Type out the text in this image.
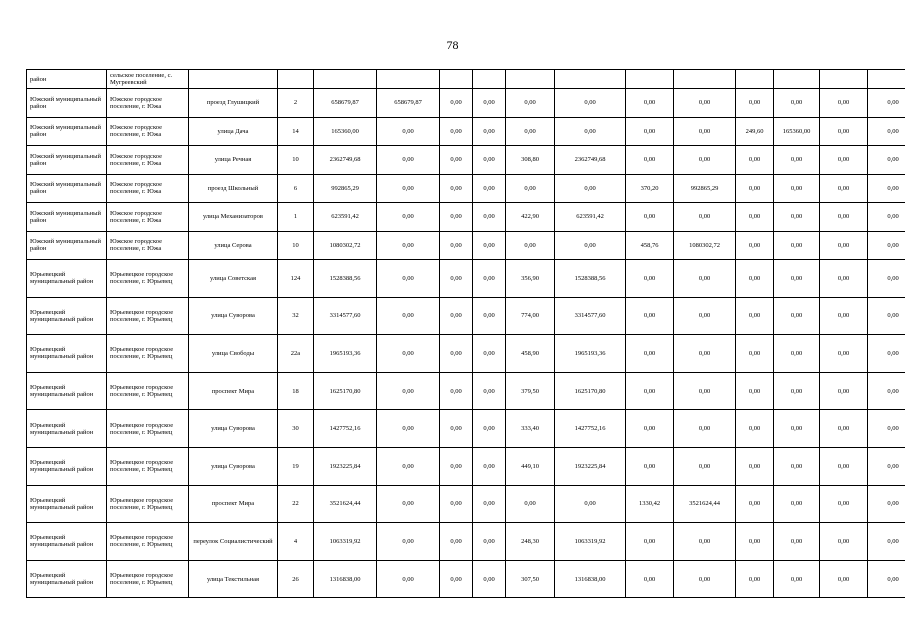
78
район	сельское поселение, с. Мугреевский														
Южский муниципальный район	Южское городское поселение, г. Южа	проезд Глушицкий	2	658679,87	658679,87	0,00	0,00	0,00	0,00	0,00	0,00	0,00	0,00	0,00	0,00
Южский муниципальный район	Южское городское поселение, г. Южа	улица Дача	14	165360,00	0,00	0,00	0,00	0,00	0,00	0,00	0,00	249,60	165360,00	0,00	0,00
Южский муниципальный район	Южское городское поселение, г. Южа	улица Речная	10	2362749,68	0,00	0,00	0,00	308,80	2362749,68	0,00	0,00	0,00	0,00	0,00	0,00
Южский муниципальный район	Южское городское поселение, г. Южа	проезд Школьный	6	992865,29	0,00	0,00	0,00	0,00	0,00	370,20	992865,29	0,00	0,00	0,00	0,00
Южский муниципальный район	Южское городское поселение, г. Южа	улица Механизаторов	1	623591,42	0,00	0,00	0,00	422,90	623591,42	0,00	0,00	0,00	0,00	0,00	0,00
Южский муниципальный район	Южское городское поселение, г. Южа	улица Серова	10	1080302,72	0,00	0,00	0,00	0,00	0,00	458,76	1080302,72	0,00	0,00	0,00	0,00
Юрьевецкий муниципальный район	Юрьевецкое городское поселение, г. Юрьевец	улица Советская	124	1528388,56	0,00	0,00	0,00	356,90	1528388,56	0,00	0,00	0,00	0,00	0,00	0,00
Юрьевецкий муниципальный район	Юрьевецкое городское поселение, г. Юрьевец	улица Суворова	32	3314577,60	0,00	0,00	0,00	774,00	3314577,60	0,00	0,00	0,00	0,00	0,00	0,00
Юрьевецкий муниципальный район	Юрьевецкое городское поселение, г. Юрьевец	улица Свободы	22а	1965193,36	0,00	0,00	0,00	458,90	1965193,36	0,00	0,00	0,00	0,00	0,00	0,00
Юрьевецкий муниципальный район	Юрьевецкое городское поселение, г. Юрьевец	проспект Мира	18	1625170,80	0,00	0,00	0,00	379,50	1625170,80	0,00	0,00	0,00	0,00	0,00	0,00
Юрьевецкий муниципальный район	Юрьевецкое городское поселение, г. Юрьевец	улица Суворова	30	1427752,16	0,00	0,00	0,00	333,40	1427752,16	0,00	0,00	0,00	0,00	0,00	0,00
Юрьевецкий муниципальный район	Юрьевецкое городское поселение, г. Юрьевец	улица Суворова	19	1923225,84	0,00	0,00	0,00	449,10	1923225,84	0,00	0,00	0,00	0,00	0,00	0,00
Юрьевецкий муниципальный район	Юрьевецкое городское поселение, г. Юрьевец	проспект Мира	22	3521624,44	0,00	0,00	0,00	0,00	0,00	1330,42	3521624,44	0,00	0,00	0,00	0,00
Юрьевецкий муниципальный район	Юрьевецкое городское поселение, г. Юрьевец	переулок Социалистический	4	1063319,92	0,00	0,00	0,00	248,30	1063319,92	0,00	0,00	0,00	0,00	0,00	0,00
Юрьевецкий муниципальный район	Юрьевецкое городское поселение, г. Юрьевец	улица Текстильная	26	1316838,00	0,00	0,00	0,00	307,50	1316838,00	0,00	0,00	0,00	0,00	0,00	0,00
